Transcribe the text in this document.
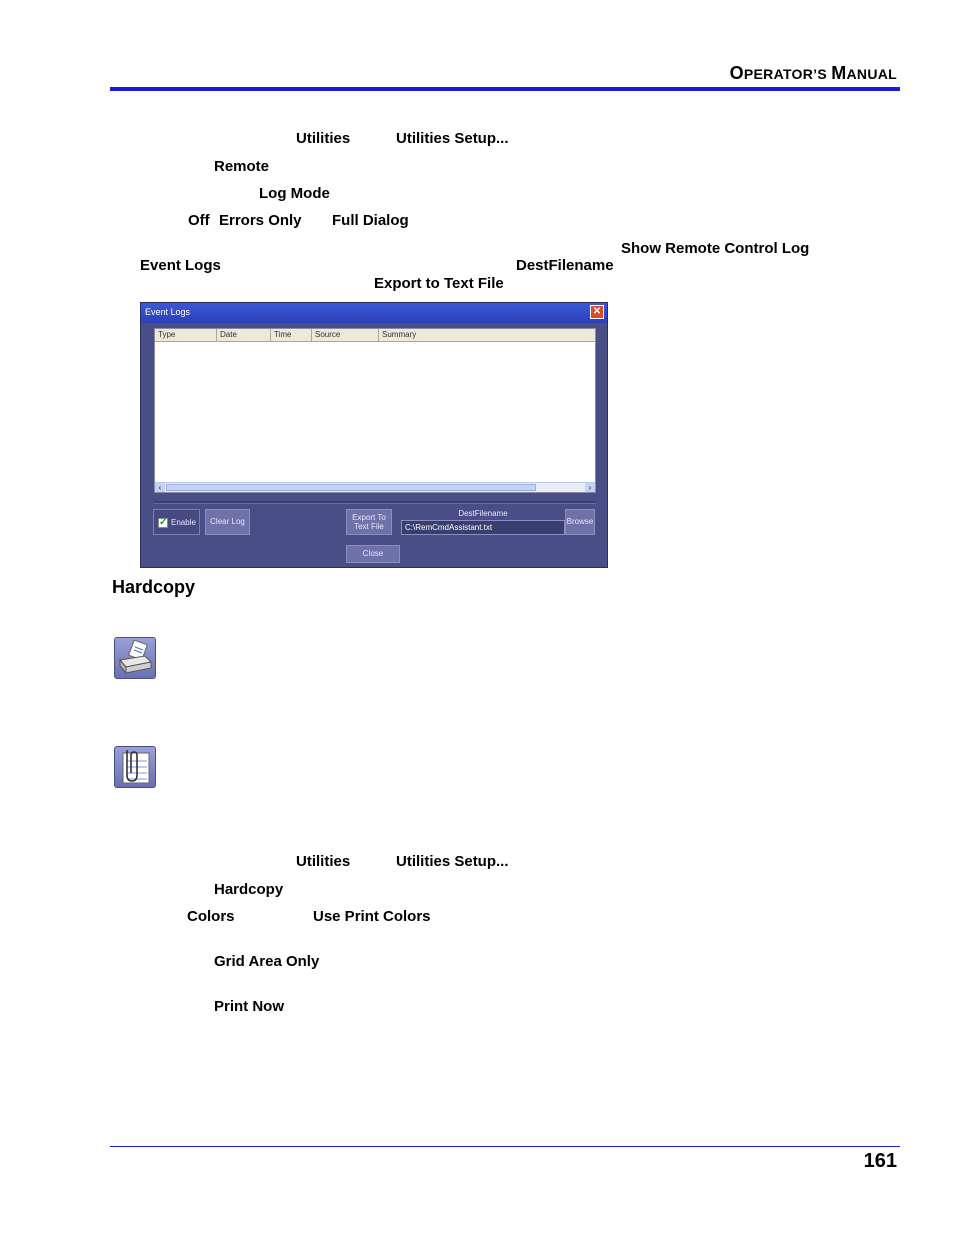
OPERATOR’S MANUAL
Utilities	Utilities Setup...
Remote
Log Mode
Off Errors Only Full Dialog
Show Remote Control Log
Event Logs	DestFilename
Export to Text File
Event Logs	✕
Type	Date	Time	Source	Summary
‹	›
✓ Enable	Clear Log	Export To
Text File
DestFilename
C:\RemCmdAssistant.txt
Browse
Close
Hardcopy
Utilities	Utilities Setup...
Hardcopy
Colors	Use Print Colors
Grid Area Only
Print Now
161
